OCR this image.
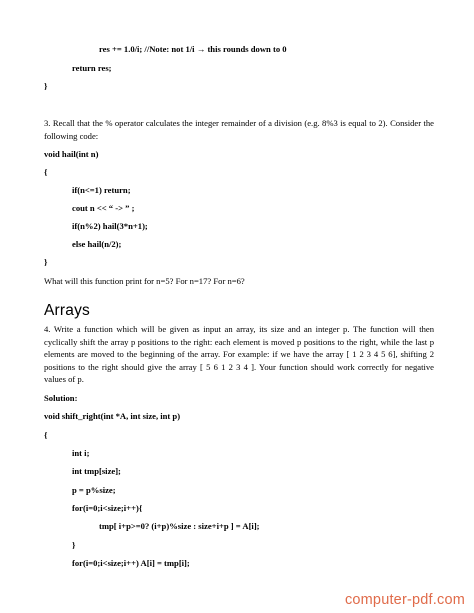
res += 1.0/i; //Note: not 1/i → this rounds down to 0
return res;
}
3. Recall that the % operator calculates the integer remainder of a division (e.g. 8%3 is equal to 2). Consider the following code:
void hail(int n)
{
if(n<=1) return;
cout n << “ -> ” ;
if(n%2) hail(3*n+1);
else hail(n/2);
}
What will this function print for n=5? For n=17? For n=6?
Arrays
4. Write a function which will be given as input an array, its size and an integer p. The function will then cyclically shift the array p positions to the right: each element is moved p positions to the right, while the last p elements are moved to the beginning of the array. For example: if we have the array [ 1 2 3 4 5 6], shifting 2 positions to the right should give the array [ 5 6 1 2 3 4 ]. Your function should work correctly for negative values of p.
Solution:
void shift_right(int *A, int size, int p)
{
int i;
int tmp[size];
p = p%size;
for(i=0;i<size;i++){
tmp[ i+p>=0? (i+p)%size : size+i+p ] = A[i];
}
for(i=0;i<size;i++) A[i] = tmp[i];
computer-pdf.com
